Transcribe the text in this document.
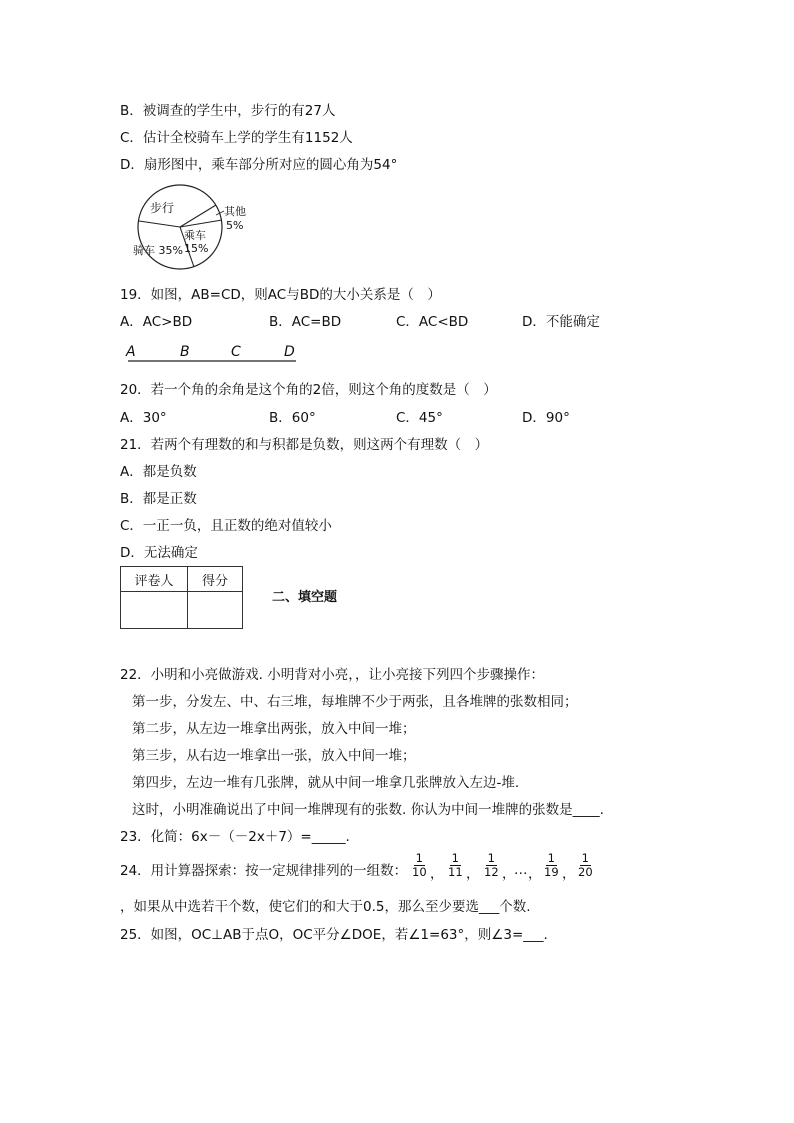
B．被调查的学生中，步行的有27人
C．估计全校骑车上学的学生有1152人
D．扇形图中，乘车部分所对应的圆心角为54°
步行	其他
5%
乘车
15%
骑车 35%
19．如图，AB=CD，则AC与BD的大小关系是（　）
A．AC>BD	B．AC=BD	C．AC<BD	D．不能确定
A	B	C	D
20．若一个角的余角是这个角的2倍，则这个角的度数是（　）
A．30°	B．60°	C．45°	D．90°
21．若两个有理数的和与积都是负数，则这两个有理数（　）
A．都是负数
B．都是正数
C．一正一负，且正数的绝对值较小
D．无法确定
评卷人	得分

二、填空题
22．小明和小亮做游戏. 小明背对小亮，，让小亮接下列四个步骤操作：
第一步，分发左、中、右三堆，每堆牌不少于两张，且各堆牌的张数相同；
第二步，从左边一堆拿出两张，放入中间一堆；
第三步，从右边一堆拿出一张，放入中间一堆；
第四步，左边一堆有几张牌，就从中间一堆拿几张牌放入左边-堆.
这时，小明准确说出了中间一堆牌现有的张数. 你认为中间一堆牌的张数是____.
23．化简：6x－（－2x＋7）=_____.
24．用计算器探索：按一定规律排列的一组数： $\frac{1}{10}$ ， $\frac{1}{11}$ ， $\frac{1}{12}$ ，
… ， $\frac{1}{19}$ ， $\frac{1}{20}$
，如果从中选若干个数，使它们的和大于0.5，那么至少要选___个数.
25．如图，OC⊥AB于点O，OC平分∠DOE，若∠1=63°，则∠3=___.
